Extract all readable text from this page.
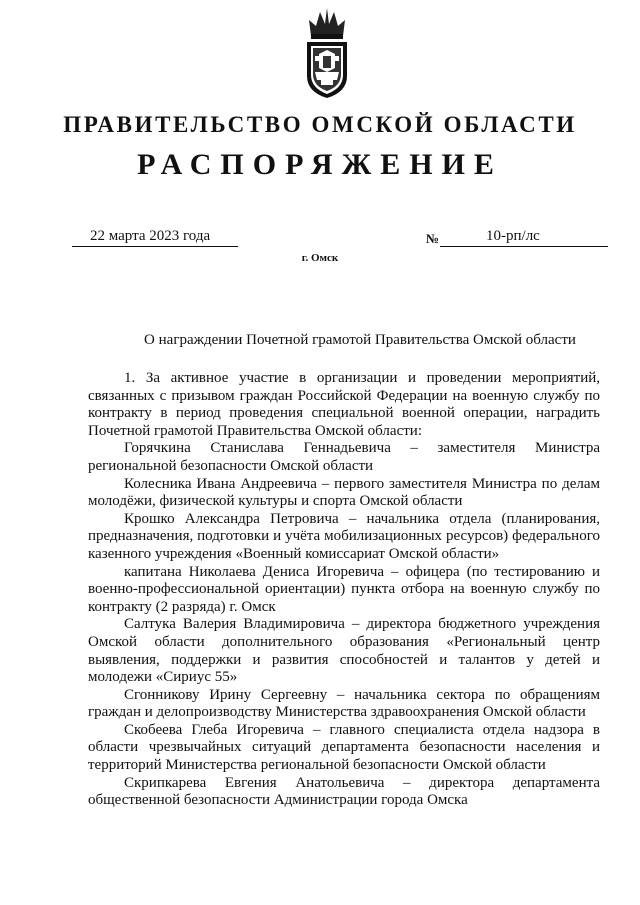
ПРАВИТЕЛЬСТВО ОМСКОЙ ОБЛАСТИ
РАСПОРЯЖЕНИЕ
22 марта 2023 года	№	10-рп/лс
г. Омск
О награждении Почетной грамотой Правительства Омской области

1. За активное участие в организации и проведении мероприятий, связанных с призывом граждан Российской Федерации на военную службу по контракту в период проведения специальной военной операции, наградить Почетной грамотой Правительства Омской области:

Горячкина Станислава Геннадьевича – заместителя Министра региональной безопасности Омской области

Колесника Ивана Андреевича – первого заместителя Министра по делам молодёжи, физической культуры и спорта Омской области

Крошко Александра Петровича – начальника отдела (планирования, предназначения, подготовки и учёта мобилизационных ресурсов) федерального казенного учреждения «Военный комиссариат Омской области»

капитана Николаева Дениса Игоревича – офицера (по тестированию и военно-профессиональной ориентации) пункта отбора на военную службу по контракту (2 разряда) г. Омск

Салтука Валерия Владимировича – директора бюджетного учреждения Омской области дополнительного образования «Региональный центр выявления, поддержки и развития способностей и талантов у детей и молодежи «Сириус 55»

Сгонникову Ирину Сергеевну – начальника сектора по обращениям граждан и делопроизводству Министерства здравоохранения Омской области

Скобеева Глеба Игоревича – главного специалиста отдела надзора в области чрезвычайных ситуаций департамента безопасности населения и территорий Министерства региональной безопасности Омской области

Скрипкарева Евгения Анатольевича – директора департамента общественной безопасности Администрации города Омска
